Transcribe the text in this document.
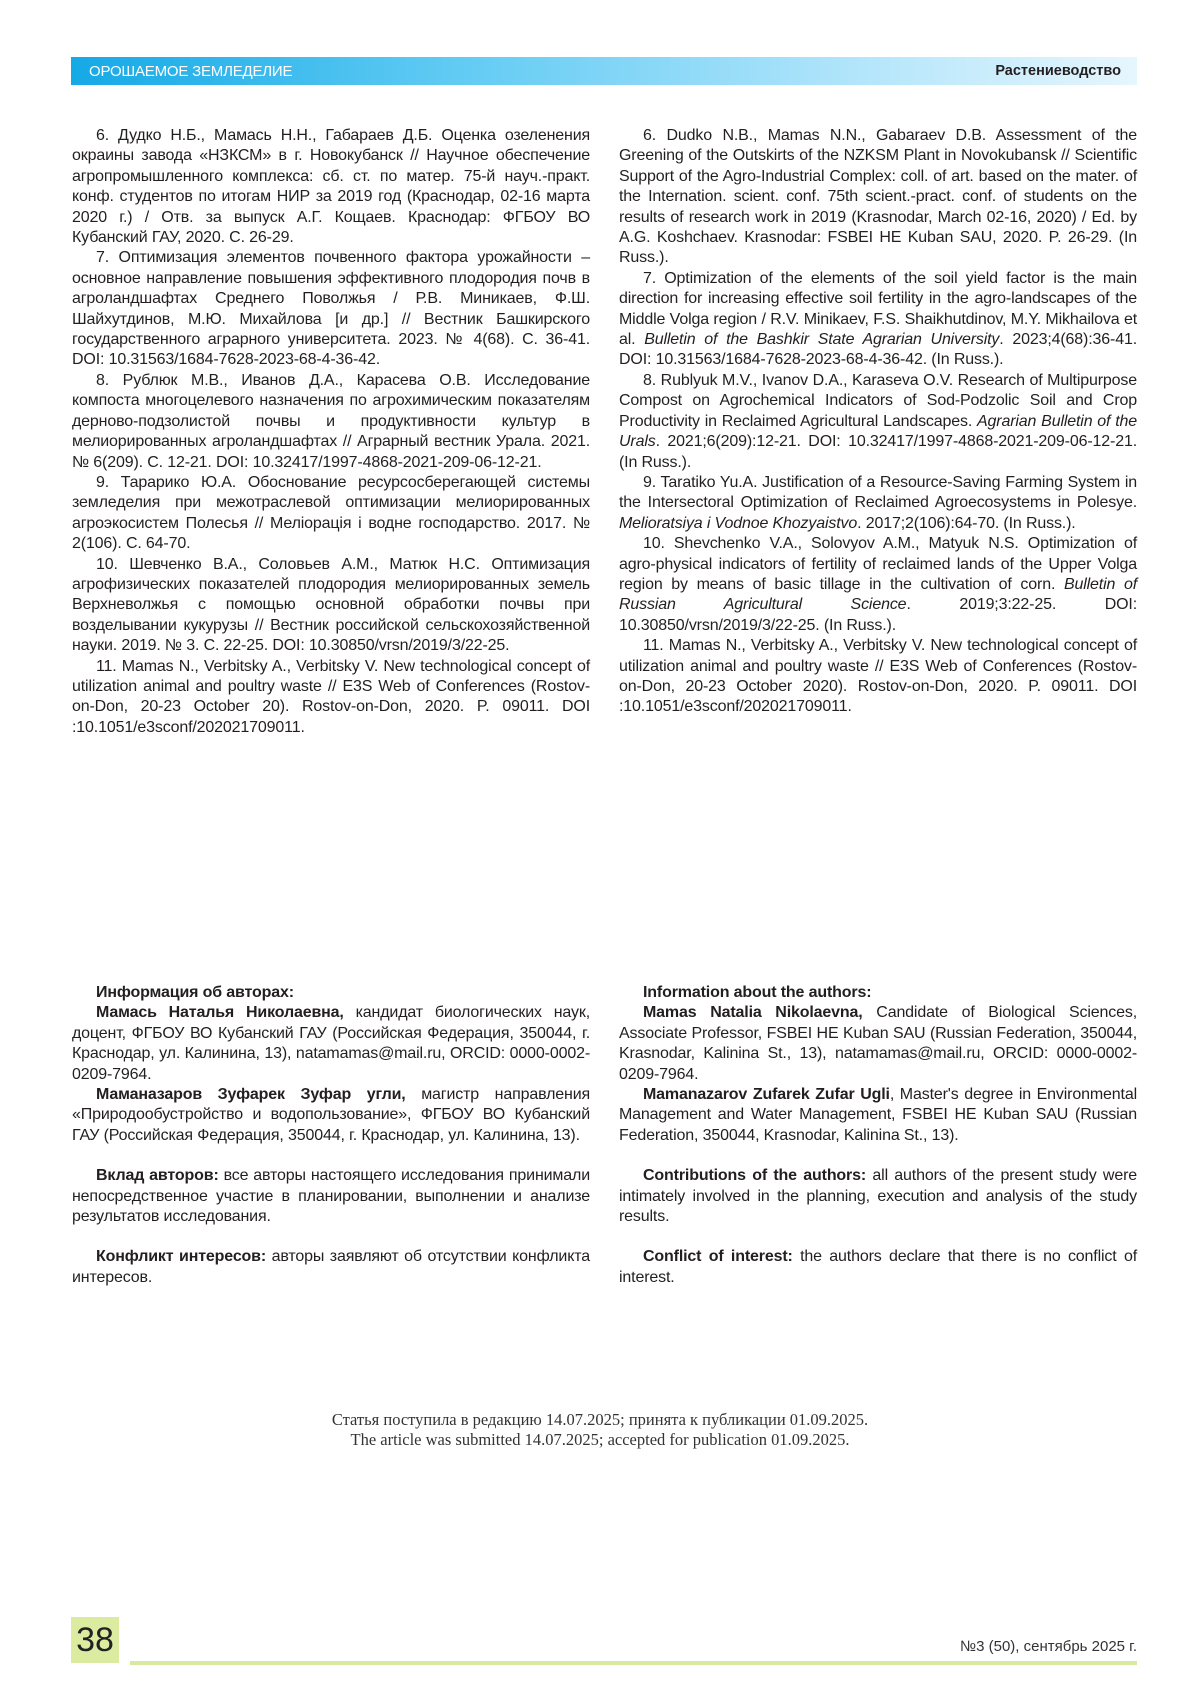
ОРОШАЕМОЕ ЗЕМЛЕДЕЛИЕ	Растениеводство

6. Дудко Н.Б., Мамась Н.Н., Габараев Д.Б. Оценка озеленения окраины завода «НЗКСМ» в г. Новокубанск // Научное обеспечение агропромышленного комплекса: сб. ст. по матер. 75-й науч.-практ. конф. студентов по итогам НИР за 2019 год (Краснодар, 02-16 марта 2020 г.) / Отв. за выпуск А.Г. Кощаев. Краснодар: ФГБОУ ВО Кубанский ГАУ, 2020. С. 26-29.

7. Оптимизация элементов почвенного фактора урожайности – основное направление повышения эффективного плодородия почв в агроландшафтах Среднего Поволжья / Р.В. Миникаев, Ф.Ш. Шайхутдинов, М.Ю. Михайлова [и др.] // Вестник Башкирского государственного аграрного университета. 2023. № 4(68). С. 36-41. DOI: 10.31563/1684-7628-2023-68-4-36-42.

8. Рублюк М.В., Иванов Д.А., Карасева О.В. Исследование компоста многоцелевого назначения по агрохимическим показателям дерново-подзолистой почвы и продуктивности культур в мелиорированных агроландшафтах // Аграрный вестник Урала. 2021. № 6(209). С. 12-21. DOI: 10.32417/1997-4868-2021-209-06-12-21.

9. Тарарико Ю.А. Обоснование ресурсосберегающей системы земледелия при межотраслевой оптимизации мелиорированных агроэкосистем Полесья // Меліорація і водне господарство. 2017. № 2(106). С. 64-70.

10. Шевченко В.А., Соловьев А.М., Матюк Н.С. Оптимизация агрофизических показателей плодородия мелиорированных земель Верхневолжья с помощью основной обработки почвы при возделывании кукурузы // Вестник российской сельскохозяйственной науки. 2019. № 3. С. 22-25. DOI: 10.30850/vrsn/2019/3/22-25.

11. Mamas N., Verbitsky A., Verbitsky V. New technological concept of utilization animal and poultry waste // E3S Web of Conferences (Rostov-on-Don, 20-23 October 20). Rostov-on-Don, 2020. P. 09011. DOI :10.1051/e3sconf/202021709011.

6. Dudko N.B., Mamas N.N., Gabaraev D.B. Assessment of the Greening of the Outskirts of the NZKSM Plant in Novokubansk // Scientific Support of the Agro-Industrial Complex: coll. of art. based on the mater. of the Internation. scient. conf. 75th scient.-pract. conf. of students on the results of research work in 2019 (Krasnodar, March 02-16, 2020) / Ed. by A.G. Koshchaev. Krasnodar: FSBEI HE Kuban SAU, 2020. P. 26-29. (In Russ.).

7. Optimization of the elements of the soil yield factor is the main direction for increasing effective soil fertility in the agro-landscapes of the Middle Volga region / R.V. Minikaev, F.S. Shaikhutdinov, M.Y. Mikhailova et al. Bulletin of the Bashkir State Agrarian University. 2023;4(68):36-41. DOI: 10.31563/1684-7628-2023-68-4-36-42. (In Russ.).

8. Rublyuk M.V., Ivanov D.A., Karaseva O.V. Research of Multipurpose Compost on Agrochemical Indicators of Sod-Podzolic Soil and Crop Productivity in Reclaimed Agricultural Landscapes. Agrarian Bulletin of the Urals. 2021;6(209):12-21. DOI: 10.32417/1997-4868-2021-209-06-12-21. (In Russ.).

9. Taratiko Yu.A. Justification of a Resource-Saving Farming System in the Intersectoral Optimization of Reclaimed Agroecosystems in Polesye. Melioratsiya i Vodnoe Khozyaistvo. 2017;2(106):64-70. (In Russ.).

10. Shevchenko V.A., Solovyov A.M., Matyuk N.S. Optimization of agro-physical indicators of fertility of reclaimed lands of the Upper Volga region by means of basic tillage in the cultivation of corn. Bulletin of Russian Agricultural Science. 2019;3:22-25. DOI: 10.30850/vrsn/2019/3/22-25. (In Russ.).

11. Mamas N., Verbitsky A., Verbitsky V. New technological concept of utilization animal and poultry waste // E3S Web of Conferences (Rostov-on-Don, 20-23 October 2020). Rostov-on-Don, 2020. P. 09011. DOI :10.1051/e3sconf/202021709011.

Информация об авторах:

Мамась Наталья Николаевна, кандидат биологических наук, доцент, ФГБОУ ВО Кубанский ГАУ (Российская Федерация, 350044, г. Краснодар, ул. Калинина, 13), natamamas@mail.ru, ORCID: 0000-0002-0209-7964.

Маманазаров Зуфарек Зуфар угли, магистр направления «Природообустройство и водопользование», ФГБОУ ВО Кубанский ГАУ (Российская Федерация, 350044, г. Краснодар, ул. Калинина, 13).

Вклад авторов: все авторы настоящего исследования принимали непосредственное участие в планировании, выполнении и анализе результатов исследования.

Конфликт интересов: авторы заявляют об отсутствии конфликта интересов.

Information about the authors:

Mamas Natalia Nikolaevna, Candidate of Biological Sciences, Associate Professor, FSBEI HE Kuban SAU (Russian Federation, 350044, Krasnodar, Kalinina St., 13), natamamas@mail.ru, ORCID: 0000-0002-0209-7964.

Mamanazarov Zufarek Zufar Ugli, Master's degree in Environmental Management and Water Management, FSBEI HE Kuban SAU (Russian Federation, 350044, Krasnodar, Kalinina St., 13).

Contributions of the authors: all authors of the present study were intimately involved in the planning, execution and analysis of the study results.

Conflict of interest: the authors declare that there is no conflict of interest.

Статья поступила в редакцию 14.07.2025; принята к публикации 01.09.2025.
The article was submitted 14.07.2025; accepted for publication 01.09.2025.
38	№3 (50), сентябрь 2025 г.
